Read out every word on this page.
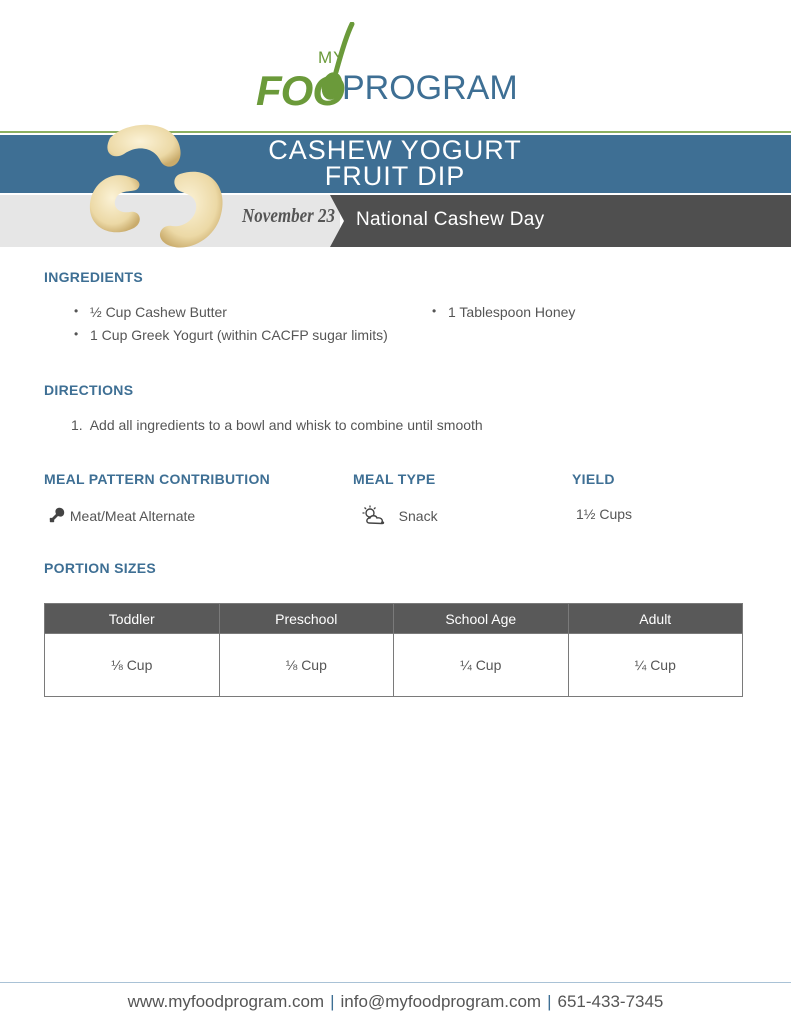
MY
FOO
PROGRAM
CASHEW YOGURT
FRUIT DIP
November 23 National Cashew Day
INGREDIENTS
• ½ Cup Cashew Butter
• 1 Cup Greek Yogurt (within CACFP sugar limits)
• 1 Tablespoon Honey
DIRECTIONS
1. Add all ingredients to a bowl and whisk to combine until smooth
MEAL PATTERN CONTRIBUTION
Meat/Meat Alternate
MEAL TYPE
Snack
YIELD
1½ Cups
PORTION SIZES
Toddler	Preschool	School Age	Adult
⅛ Cup	⅛ Cup	¼ Cup	¼ Cup
www.myfoodprogram.com | info@myfoodprogram.com | 651-433-7345
